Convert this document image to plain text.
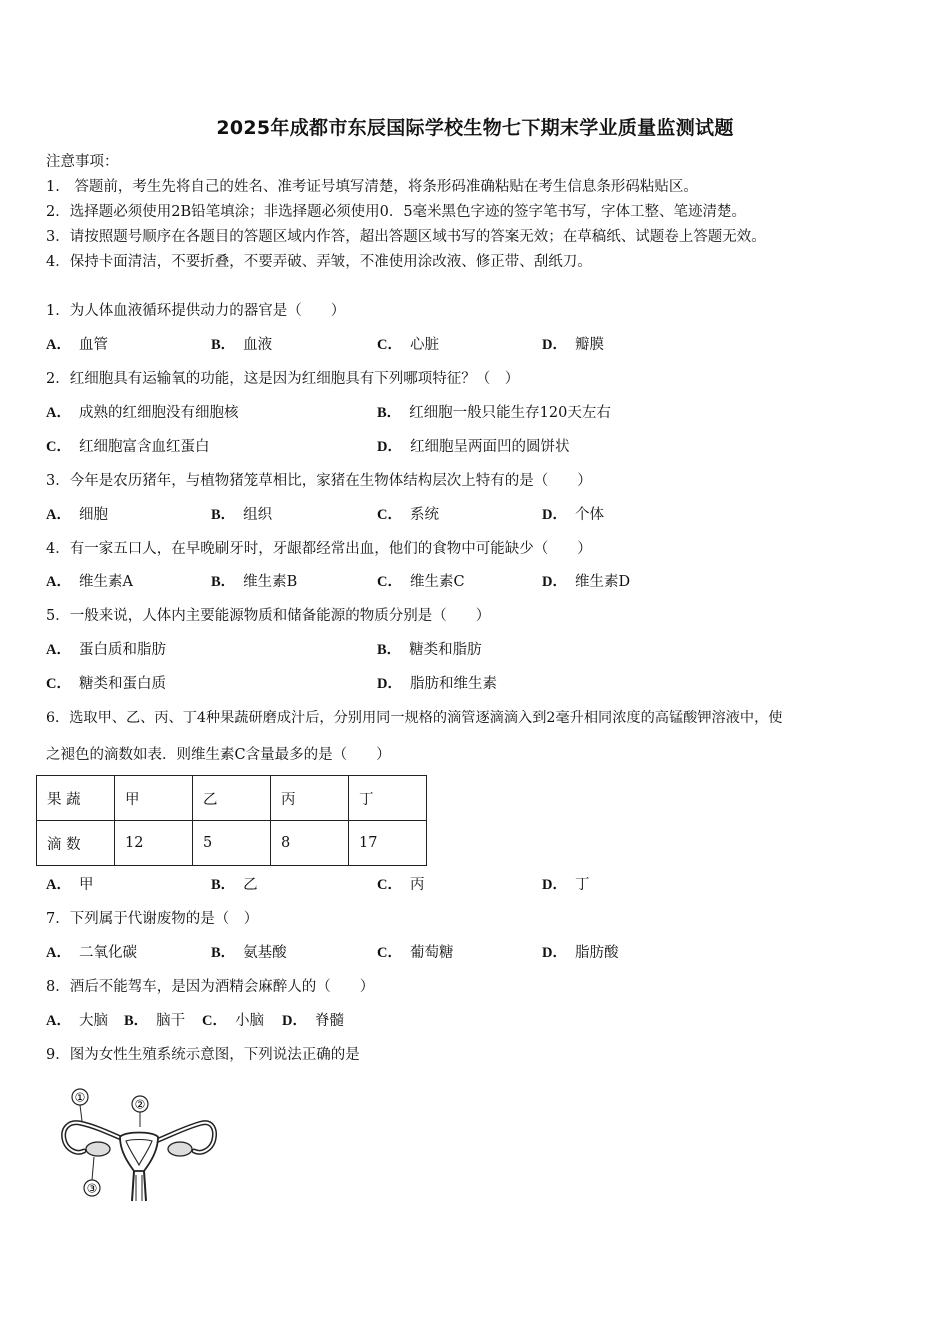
2025年成都市东辰国际学校生物七下期末学业质量监测试题
注意事项：
1.　答题前，考生先将自己的姓名、准考证号填写清楚，将条形码准确粘贴在考生信息条形码粘贴区。
2．选择题必须使用2B铅笔填涂；非选择题必须使用0．5毫米黑色字迹的签字笔书写，字体工整、笔迹清楚。
3．请按照题号顺序在各题目的答题区域内作答，超出答题区域书写的答案无效；在草稿纸、试题卷上答题无效。
4．保持卡面清洁，不要折叠，不要弄破、弄皱，不准使用涂改液、修正带、刮纸刀。
1．为人体血液循环提供动力的器官是（　　）
A． 血管	B． 血液	C． 心脏	D． 瓣膜
2．红细胞具有运输氧的功能，这是因为红细胞具有下列哪项特征？（　）
A． 成熟的红细胞没有细胞核	B． 红细胞一般只能生存120天左右
C． 红细胞富含血红蛋白	D． 红细胞呈两面凹的圆饼状
3．今年是农历猪年，与植物猪笼草相比，家猪在生物体结构层次上特有的是（　　）
A． 细胞	B． 组织	C． 系统	D． 个体
4．有一家五口人，在早晚刷牙时，牙龈都经常出血，他们的食物中可能缺少（　　）
A． 维生素A	B． 维生素B	C． 维生素C	D． 维生素D
5．一般来说，人体内主要能源物质和储备能源的物质分别是（　　）
A． 蛋白质和脂肪	B． 糖类和脂肪
C． 糖类和蛋白质	D． 脂肪和维生素
6．选取甲、乙、丙、丁4种果蔬研磨成汁后，分别用同一规格的滴管逐滴滴入到2毫升相同浓度的高锰酸钾溶液中，使
之褪色的滴数如表．则维生素C含量最多的是（　　）
果 蔬	甲	乙	丙	丁
滴 数	12	5	8	17
A． 甲	B． 乙	C． 丙	D． 丁
7．下列属于代谢废物的是（　）
A． 二氧化碳	B． 氨基酸	C． 葡萄糖	D． 脂肪酸
8．酒后不能驾车，是因为酒精会麻醉人的（　　）
A． 大脑 B． 脑干 C． 小脑 D． 脊髓
9．图为女性生殖系统示意图，下列说法正确的是
①	②
③
